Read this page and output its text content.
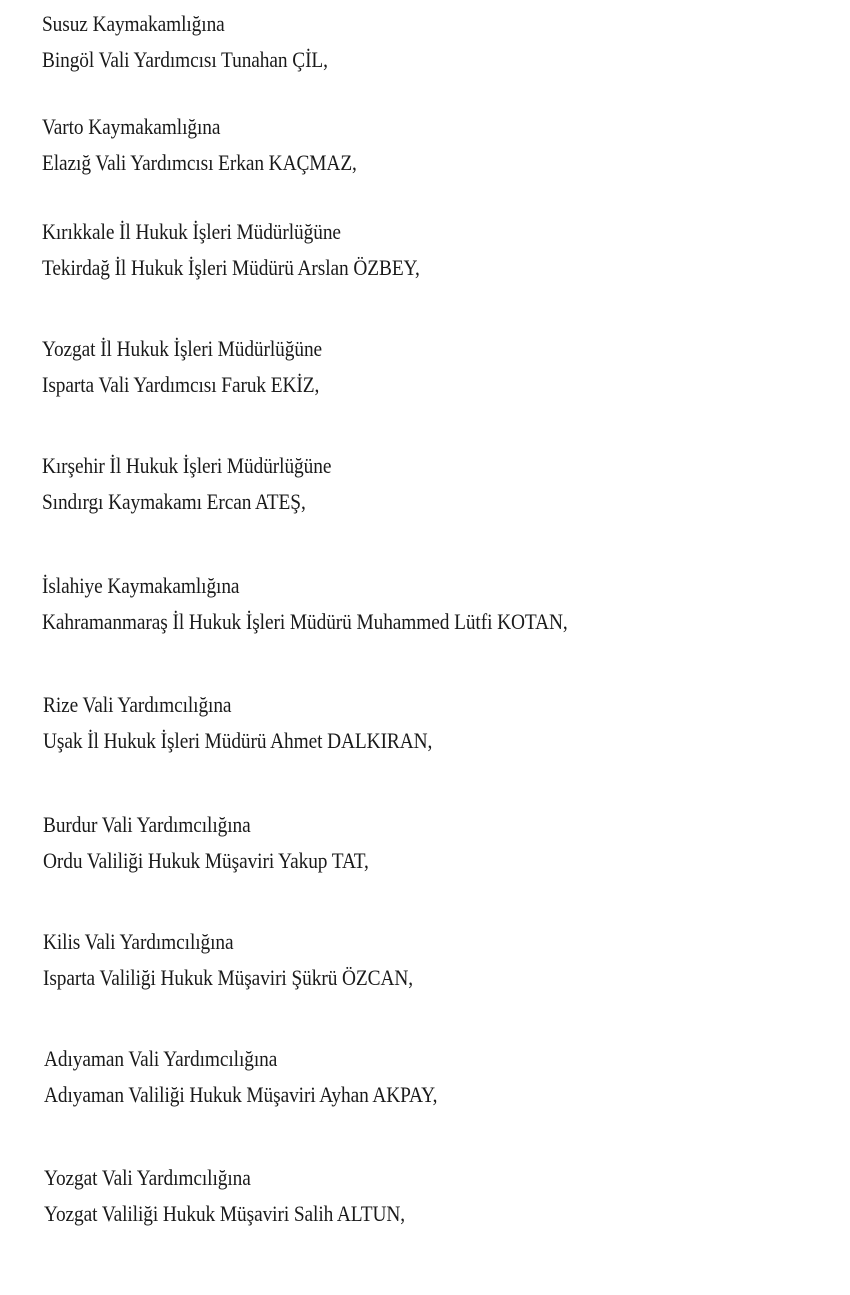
Susuz Kaymakamlığına
Bingöl Vali Yardımcısı Tunahan ÇİL,
Varto Kaymakamlığına
Elazığ Vali Yardımcısı Erkan KAÇMAZ,
Kırıkkale İl Hukuk İşleri Müdürlüğüne
Tekirdağ İl Hukuk İşleri Müdürü Arslan ÖZBEY,
Yozgat İl Hukuk İşleri Müdürlüğüne
Isparta Vali Yardımcısı Faruk EKİZ,
Kırşehir İl Hukuk İşleri Müdürlüğüne
Sındırgı Kaymakamı Ercan ATEŞ,
İslahiye Kaymakamlığına
Kahramanmaraş İl Hukuk İşleri Müdürü Muhammed Lütfi KOTAN,
Rize Vali Yardımcılığına
Uşak İl Hukuk İşleri Müdürü Ahmet DALKIRAN,
Burdur Vali Yardımcılığına
Ordu Valiliği Hukuk Müşaviri Yakup TAT,
Kilis Vali Yardımcılığına
Isparta Valiliği Hukuk Müşaviri Şükrü ÖZCAN,
Adıyaman Vali Yardımcılığına
Adıyaman Valiliği Hukuk Müşaviri Ayhan AKPAY,
Yozgat Vali Yardımcılığına
Yozgat Valiliği Hukuk Müşaviri Salih ALTUN,
